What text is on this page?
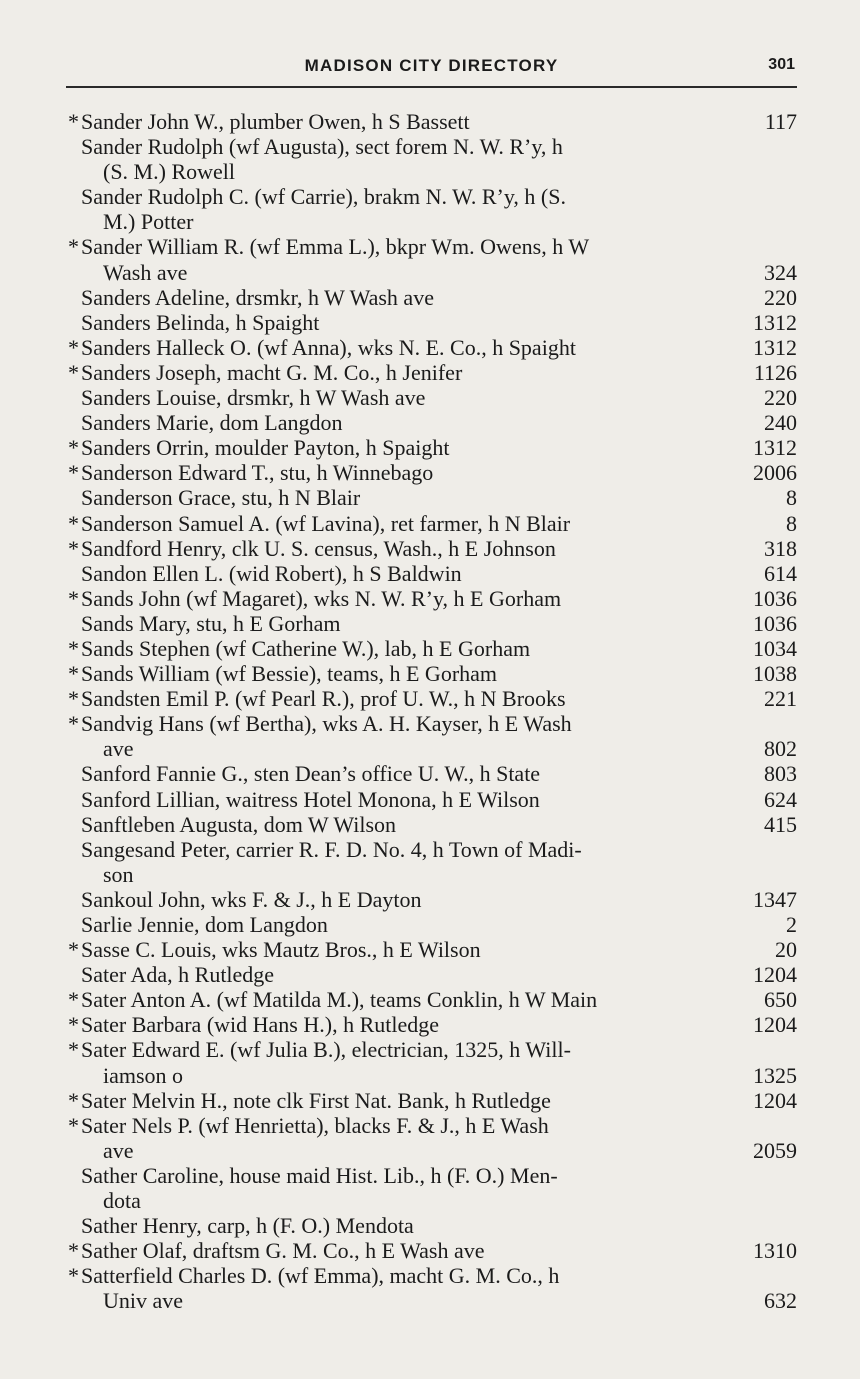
MADISON CITY DIRECTORY	301
* Sander John W., plumber Owen, h S Bassett	117
Sander Rudolph (wf Augusta), sect forem N. W. R’y, h
(S. M.) Rowell
Sander Rudolph C. (wf Carrie), brakm N. W. R’y, h (S.
M.) Potter
* Sander William R. (wf Emma L.), bkpr Wm. Owens, h W
Wash ave	324
Sanders Adeline, drsmkr, h W Wash ave	220
Sanders Belinda, h Spaight	1312
* Sanders Halleck O. (wf Anna), wks N. E. Co., h Spaight	1312
* Sanders Joseph, macht G. M. Co., h Jenifer	1126
Sanders Louise, drsmkr, h W Wash ave	220
Sanders Marie, dom Langdon	240
* Sanders Orrin, moulder Payton, h Spaight	1312
* Sanderson Edward T., stu, h Winnebago	2006
Sanderson Grace, stu, h N Blair	8
* Sanderson Samuel A. (wf Lavina), ret farmer, h N Blair	8
* Sandford Henry, clk U. S. census, Wash., h E Johnson	318
Sandon Ellen L. (wid Robert), h S Baldwin	614
* Sands John (wf Magaret), wks N. W. R’y, h E Gorham	1036
Sands Mary, stu, h E Gorham	1036
* Sands Stephen (wf Catherine W.), lab, h E Gorham	1034
* Sands William (wf Bessie), teams, h E Gorham	1038
* Sandsten Emil P. (wf Pearl R.), prof U. W., h N Brooks	221
* Sandvig Hans (wf Bertha), wks A. H. Kayser, h E Wash
ave	802
Sanford Fannie G., sten Dean’s office U. W., h State	803
Sanford Lillian, waitress Hotel Monona, h E Wilson	624
Sanftleben Augusta, dom W Wilson	415
Sangesand Peter, carrier R. F. D. No. 4, h Town of Madi-
son
Sankoul John, wks F. & J., h E Dayton	1347
Sarlie Jennie, dom Langdon	2
* Sasse C. Louis, wks Mautz Bros., h E Wilson	20
Sater Ada, h Rutledge	1204
* Sater Anton A. (wf Matilda M.), teams Conklin, h W Main	650
* Sater Barbara (wid Hans H.), h Rutledge	1204
* Sater Edward E. (wf Julia B.), electrician, 1325, h Will-
iamson o	1325
* Sater Melvin H., note clk First Nat. Bank, h Rutledge	1204
* Sater Nels P. (wf Henrietta), blacks F. & J., h E Wash
ave	2059
Sather Caroline, house maid Hist. Lib., h (F. O.) Men-
dota
Sather Henry, carp, h (F. O.) Mendota
* Sather Olaf, draftsm G. M. Co., h E Wash ave	1310
* Satterfield Charles D. (wf Emma), macht G. M. Co., h
Univ ave	632
